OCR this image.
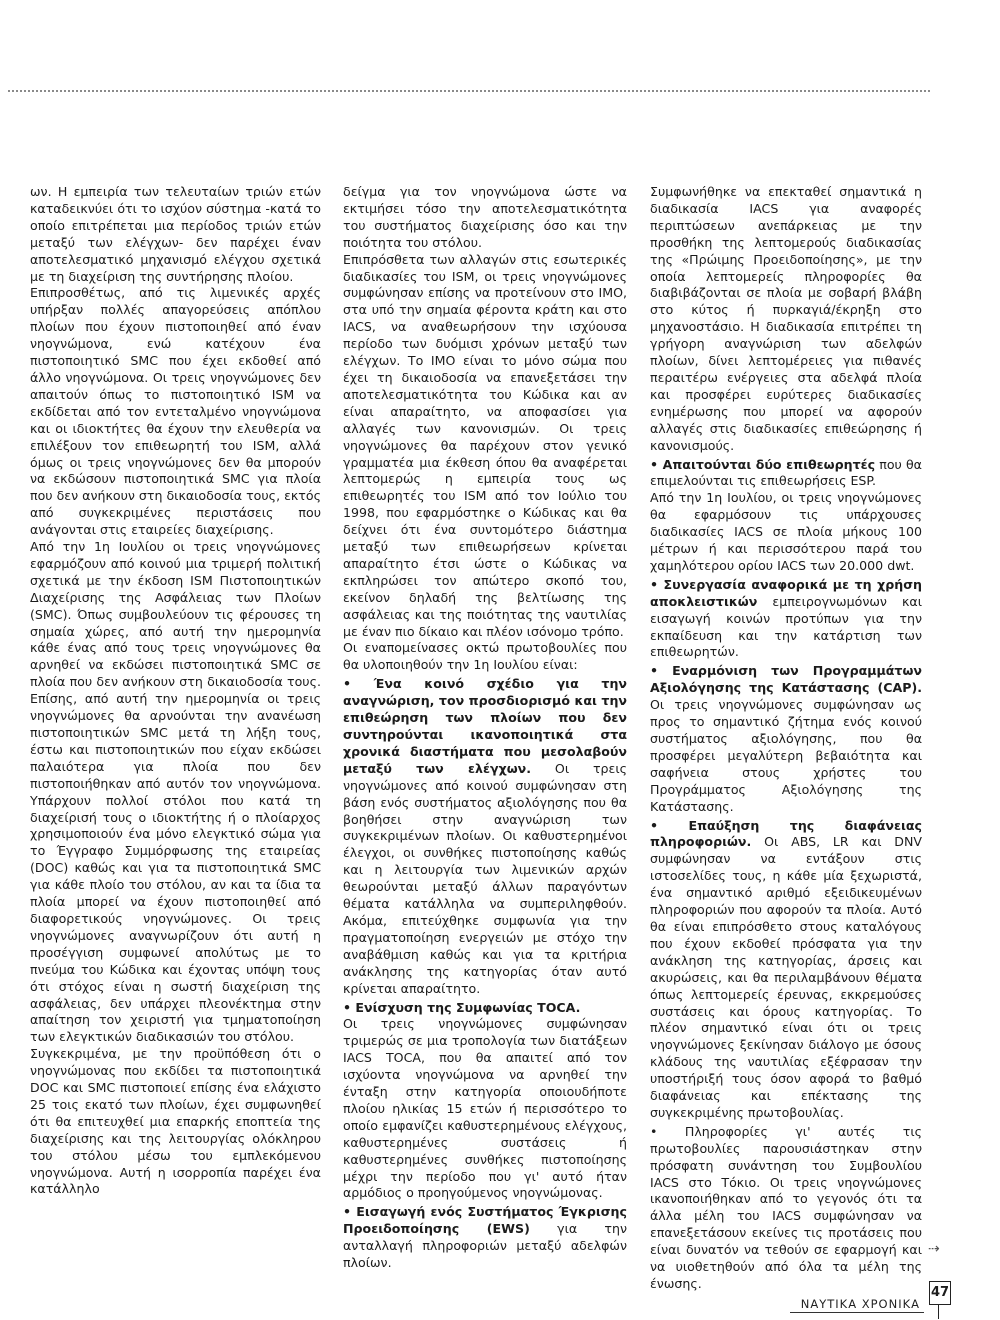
ων. Η εμπειρία των τελευταίων τριών ετών καταδεικνύει ότι το ισχύον σύστημα -κατά το οποίο επιτρέπεται μια περίοδος τριών ετών μεταξύ των ελέγχων- δεν παρέχει έναν αποτελεσματικό μηχανισμό ελέγχου σχετικά με τη διαχείριση της συντήρησης πλοίου.

Επιπροσθέτως, από τις λιμενικές αρχές υπήρξαν πολλές απαγορεύσεις απόπλου πλοίων που έχουν πιστοποιηθεί από έναν νηογνώμονα, ενώ κατέχουν ένα πιστοποιητικό SMC που έχει εκδοθεί από άλλο νηογνώμονα. Οι τρεις νηογνώμονες δεν απαιτούν όπως το πιστοποιητικό ISM να εκδίδεται από τον εντεταλμένο νηογνώμονα και οι ιδιοκτήτες θα έχουν την ελευθερία να επιλέξουν τον επιθεωρητή του ISM, αλλά όμως οι τρεις νηογνώμονες δεν θα μπορούν να εκδώσουν πιστοποιητικά SMC για πλοία που δεν ανήκουν στη δικαιοδοσία τους, εκτός από συγκεκριμένες περιστάσεις που ανάγονται στις εταιρείες διαχείρισης.

Από την 1η Ιουλίου οι τρεις νηογνώμονες εφαρμόζουν από κοινού μια τριμερή πολιτική σχετικά με την έκδοση ISM Πιστοποιητικών Διαχείρισης της Ασφάλειας των Πλοίων (SMC). Όπως συμβουλεύουν τις φέρουσες τη σημαία χώρες, από αυτή την ημερομηνία κάθε ένας από τους τρεις νηογνώμονες θα αρνηθεί να εκδώσει πιστοποιητικά SMC σε πλοία που δεν ανήκουν στη δικαιοδοσία τους. Επίσης, από αυτή την ημερομηνία οι τρεις νηογνώμονες θα αρνούνται την ανανέωση πιστοποιητικών SMC μετά τη λήξη τους, έστω και πιστοποιητικών που είχαν εκδώσει παλαιότερα για πλοία που δεν πιστοποιήθηκαν από αυτόν τον νηογνώμονα. Υπάρχουν πολλοί στόλοι που κατά τη διαχείρισή τους ο ιδιοκτήτης ή ο πλοίαρχος χρησιμοποιούν ένα μόνο ελεγκτικό σώμα για το Έγγραφο Συμμόρφωσης της εταιρείας (DOC) καθώς και για τα πιστοποιητικά SMC για κάθε πλοίο του στόλου, αν και τα ίδια τα πλοία μπορεί να έχουν πιστοποιηθεί από διαφορετικούς νηογνώμονες. Οι τρεις νηογνώμονες αναγνωρίζουν ότι αυτή η προσέγγιση συμφωνεί απολύτως με το πνεύμα του Κώδικα και έχοντας υπόψη τους ότι στόχος είναι η σωστή διαχείριση της ασφάλειας, δεν υπάρχει πλεονέκτημα στην απαίτηση τον χειριστή για τμηματοποίηση των ελεγκτικών διαδικασιών του στόλου.

Συγκεκριμένα, με την προϋπόθεση ότι ο νηογνώμονας που εκδίδει τα πιστοποιητικά DOC και SMC πιστοποιεί επίσης ένα ελάχιστο 25 τοις εκατό των πλοίων, έχει συμφωνηθεί ότι θα επιτευχθεί μια επαρκής εποπτεία της διαχείρισης και της λειτουργίας ολόκληρου του στόλου μέσω του εμπλεκόμενου νηογνώμονα. Αυτή η ισορροπία παρέχει ένα κατάλληλο

δείγμα για τον νηογνώμονα ώστε να εκτιμήσει τόσο την αποτελεσματικότητα του συστήματος διαχείρισης όσο και την ποιότητα του στόλου.

Επιπρόσθετα των αλλαγών στις εσωτερικές διαδικασίες του ISM, οι τρεις νηογνώμονες συμφώνησαν επίσης να προτείνουν στο ΙΜΟ, στα υπό την σημαία φέροντα κράτη και στο IACS, να αναθεωρήσουν την ισχύουσα περίοδο των δυόμισι χρόνων μεταξύ των ελέγχων. Το ΙΜΟ είναι το μόνο σώμα που έχει τη δικαιοδοσία να επανεξετάσει την αποτελεσματικότητα του Κώδικα και αν είναι απαραίτητο, να αποφασίσει για αλλαγές των κανονισμών. Οι τρεις νηογνώμονες θα παρέχουν στον γενικό γραμματέα μια έκθεση όπου θα αναφέρεται λεπτομερώς η εμπειρία τους ως επιθεωρητές του ISM από τον Ιούλιο του 1998, που εφαρμόστηκε ο Κώδικας και θα δείχνει ότι ένα συντομότερο διάστημα μεταξύ των επιθεωρήσεων κρίνεται απαραίτητο έτσι ώστε ο Κώδικας να εκπληρώσει τον απώτερο σκοπό του, εκείνον δηλαδή της βελτίωσης της ασφάλειας και της ποιότητας της ναυτιλίας με έναν πιο δίκαιο και πλέον ισόνομο τρόπο.

Οι εναπομείνασες οκτώ πρωτοβουλίες που θα υλοποιηθούν την 1η Ιουλίου είναι:

• Ένα κοινό σχέδιο για την αναγνώριση, τον προσδιορισμό και την επιθεώρηση των πλοίων που δεν συντηρούνται ικανοποιητικά στα χρονικά διαστήματα που μεσολαβούν μεταξύ των ελέγχων. Οι τρεις νηογνώμονες από κοινού συμφώνησαν στη βάση ενός συστήματος αξιολόγησης που θα βοηθήσει στην αναγνώριση των συγκεκριμένων πλοίων. Οι καθυστερημένοι έλεγχοι, οι συνθήκες πιστοποίησης καθώς και η λειτουργία των λιμενικών αρχών θεωρούνται μεταξύ άλλων παραγόντων θέματα κατάλληλα να συμπεριληφθούν. Ακόμα, επιτεύχθηκε συμφωνία για την πραγματοποίηση ενεργειών με στόχο την αναβάθμιση καθώς και για τα κριτήρια ανάκλησης της κατηγορίας όταν αυτό κρίνεται απαραίτητο.

• Ενίσχυση της Συμφωνίας TOCA.

Οι τρεις νηογνώμονες συμφώνησαν τριμερώς σε μια τροπολογία των διατάξεων IACS TOCA, που θα απαιτεί από τον ισχύοντα νηογνώμονα να αρνηθεί την ένταξη στην κατηγορία οποιουδήποτε πλοίου ηλικίας 15 ετών ή περισσότερο το οποίο εμφανίζει καθυστερημένους ελέγχους, καθυστερημένες συστάσεις ή καθυστερημένες συνθήκες πιστοποίησης μέχρι την περίοδο που γι' αυτό ήταν αρμόδιος ο προηγούμενος νηογνώμονας.

• Εισαγωγή ενός Συστήματος Έγκρισης Προειδοποίησης (EWS) για την ανταλλαγή πληροφοριών μεταξύ αδελφών πλοίων.

Συμφωνήθηκε να επεκταθεί σημαντικά η διαδικασία IACS για αναφορές περιπτώσεων ανεπάρκειας με την προσθήκη της λεπτομερούς διαδικασίας της «Πρώιμης Προειδοποίησης», με την οποία λεπτομερείς πληροφορίες θα διαβιβάζονται σε πλοία με σοβαρή βλάβη στο κύτος ή πυρκαγιά/έκρηξη στο μηχανοστάσιο. Η διαδικασία επιτρέπει τη γρήγορη αναγνώριση των αδελφών πλοίων, δίνει λεπτομέρειες για πιθανές περαιτέρω ενέργειες στα αδελφά πλοία και προσφέρει ευρύτερες διαδικασίες ενημέρωσης που μπορεί να αφορούν αλλαγές στις διαδικασίες επιθεώρησης ή κανονισμούς.

• Απαιτούνται δύο επιθεωρητές που θα επιμελούνται τις επιθεωρήσεις ESP.

Από την 1η Ιουλίου, οι τρεις νηογνώμονες θα εφαρμόσουν τις υπάρχουσες διαδικασίες IACS σε πλοία μήκους 100 μέτρων ή και περισσότερου παρά του χαμηλότερου ορίου IACS των 20.000 dwt.

• Συνεργασία αναφορικά με τη χρήση αποκλειστικών εμπειρογνωμόνων και εισαγωγή κοινών προτύπων για την εκπαίδευση και την κατάρτιση των επιθεωρητών.

• Εναρμόνιση των Προγραμμάτων Αξιολόγησης της Κατάστασης (CAP). Οι τρεις νηογνώμονες συμφώνησαν ως προς το σημαντικό ζήτημα ενός κοινού συστήματος αξιολόγησης, που θα προσφέρει μεγαλύτερη βεβαιότητα και σαφήνεια στους χρήστες του Προγράμματος Αξιολόγησης της Κατάστασης.

• Επαύξηση της διαφάνειας πληροφοριών. Οι ABS, LR και DNV συμφώνησαν να εντάξουν στις ιστοσελίδες τους, η κάθε μία ξεχωριστά, ένα σημαντικό αριθμό εξειδικευμένων πληροφοριών που αφορούν τα πλοία. Αυτό θα είναι επιπρόσθετο στους καταλόγους που έχουν εκδοθεί πρόσφατα για την ανάκληση της κατηγορίας, άρσεις και ακυρώσεις, και θα περιλαμβάνουν θέματα όπως λεπτομερείς έρευνας, εκκρεμούσες συστάσεις και όρους κατηγορίας. Το πλέον σημαντικό είναι ότι οι τρεις νηογνώμονες ξεκίνησαν διάλογο με όσους κλάδους της ναυτιλίας εξέφρασαν την υποστήριξή τους όσον αφορά το βαθμό διαφάνειας και επέκτασης της συγκεκριμένης πρωτοβουλίας.

• Πληροφορίες γι' αυτές τις πρωτοβουλίες παρουσιάστηκαν στην πρόσφατη συνάντηση του Συμβουλίου IACS στο Τόκιο. Οι τρεις νηογνώμονες ικανοποιήθηκαν από το γεγονός ότι τα άλλα μέλη του IACS συμφώνησαν να επανεξετάσουν εκείνες τις προτάσεις που είναι δυνατόν να τεθούν σε εφαρμογή και να υιοθετηθούν από όλα τα μέλη της ένωσης.

⇢
ΝΑΥΤΙΚΑ ΧΡΟΝΙΚΑ
47
